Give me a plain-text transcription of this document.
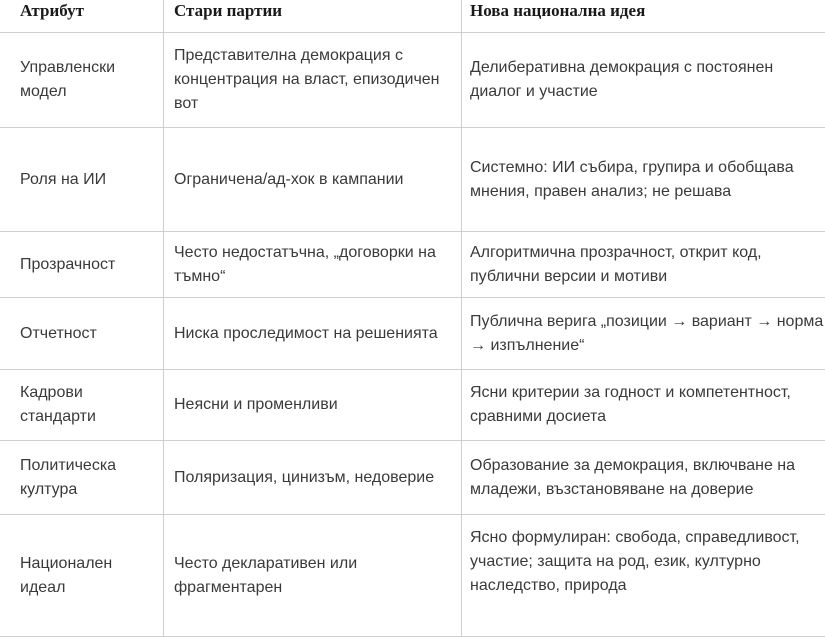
Атрибут	Стари партии	Нова национална идея
Управленски модел	Представителна демокрация с концентрация на власт, епизодичен вот	Делиберативна демокрация с постоянен диалог и участие
Роля на ИИ	Ограничена/ад-хок в кампании	Системно: ИИ събира, групира и обобщава мнения, правен анализ; не решава
Прозрачност	Често недостатъчна, „договорки на тъмно“	Алгоритмична прозрачност, открит код, публични версии и мотиви
Отчетност	Ниска проследимост на решенията	Публична верига „позиции → вариант → норма → изпълнение“
Кадрови стандарти	Неясни и променливи	Ясни критерии за годност и компетентност, сравними досиета
Политическа култура	Поляризация, цинизъм, недоверие	Образование за демокрация, включване на младежи, възстановяване на доверие
Национален идеал	Често декларативен или фрагментарен	Ясно формулиран: свобода, справедливост, участие; защита на род, език, културно наследство, природа
